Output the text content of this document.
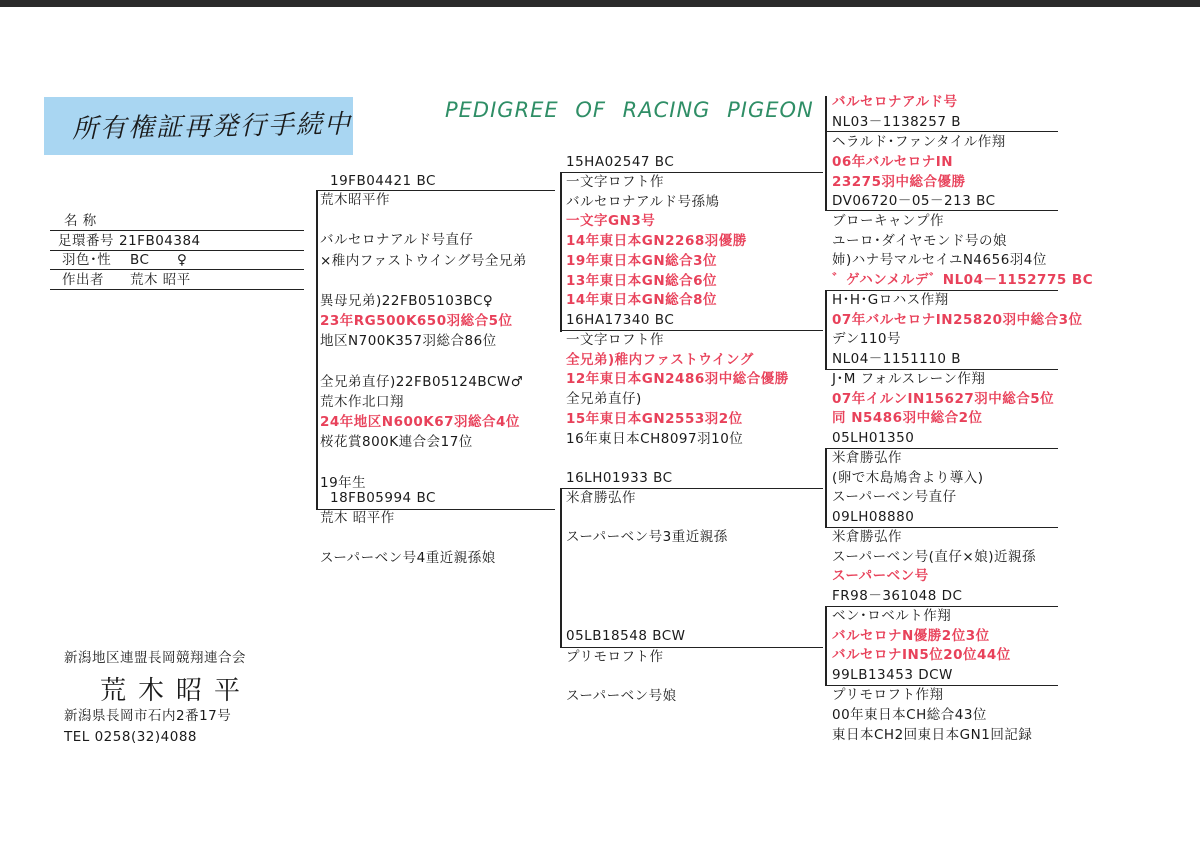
所有権証再発行手続中	PEDIGREE OF RACING PIGEON
名 称
足環番号 21FB04384
羽色･性 BC ♀
作出者 荒木 昭平
新潟地区連盟長岡競翔連合会
荒木昭平
新潟県長岡市石内2番17号
TEL 0258(32)4088
19FB04421 BC
18FB05994 BC
荒木昭平作
バルセロナアルド号直仔
×稚内ファストウイング号全兄弟
異母兄弟)22FB05103BC♀
23年RG500K650羽総合5位
地区N700K357羽総合86位
全兄弟直仔)22FB05124BCW♂
荒木作北口翔
24年地区N600K67羽総合4位
桜花賞800K連合会17位
19年生
荒木 昭平作
スーパーベン号4重近親孫娘
15HA02547 BC
16HA17340 BC
16LH01933 BC
05LB18548 BCW
一文字ロフト作
バルセロナアルド号孫鳩
一文字GN3号
14年東日本GN2268羽優勝
19年東日本GN総合3位
13年東日本GN総合6位
14年東日本GN総合8位
一文字ロフト作
全兄弟)稚内ファストウイング
12年東日本GN2486羽中総合優勝
全兄弟直仔)
15年東日本GN2553羽2位
16年東日本CH8097羽10位
米倉勝弘作
スーパーベン号3重近親孫
プリモロフト作
スーパーベン号娘
バルセロナアルド号
NL03－1138257 B
ヘラルド･ファンタイル作翔
06年バルセロナIN
23275羽中総合優勝
DV06720－05－213 BC
ブローキャンプ作
ユーロ･ダイヤモンド号の娘
姉)ハナ号マルセイユN4656羽4位
゛ゲハンメルデ゛NL04－1152775 BC
H･H･Gロハス作翔
07年バルセロナIN25820羽中総合3位
デン110号
NL04－1151110 B
J･M フォルスレーン作翔
07年イルンIN15627羽中総合5位
同 N5486羽中総合2位
05LH01350
米倉勝弘作
(卵で木島鳩舎より導入)
スーパーベン号直仔
09LH08880
米倉勝弘作
スーパーベン号(直仔×娘)近親孫
スーパーベン号
FR98－361048 DC
ベン･ロベルト作翔
バルセロナN優勝2位3位
バルセロナIN5位20位44位
99LB13453 DCW
プリモロフト作翔
00年東日本CH総合43位
東日本CH2回東日本GN1回記録
